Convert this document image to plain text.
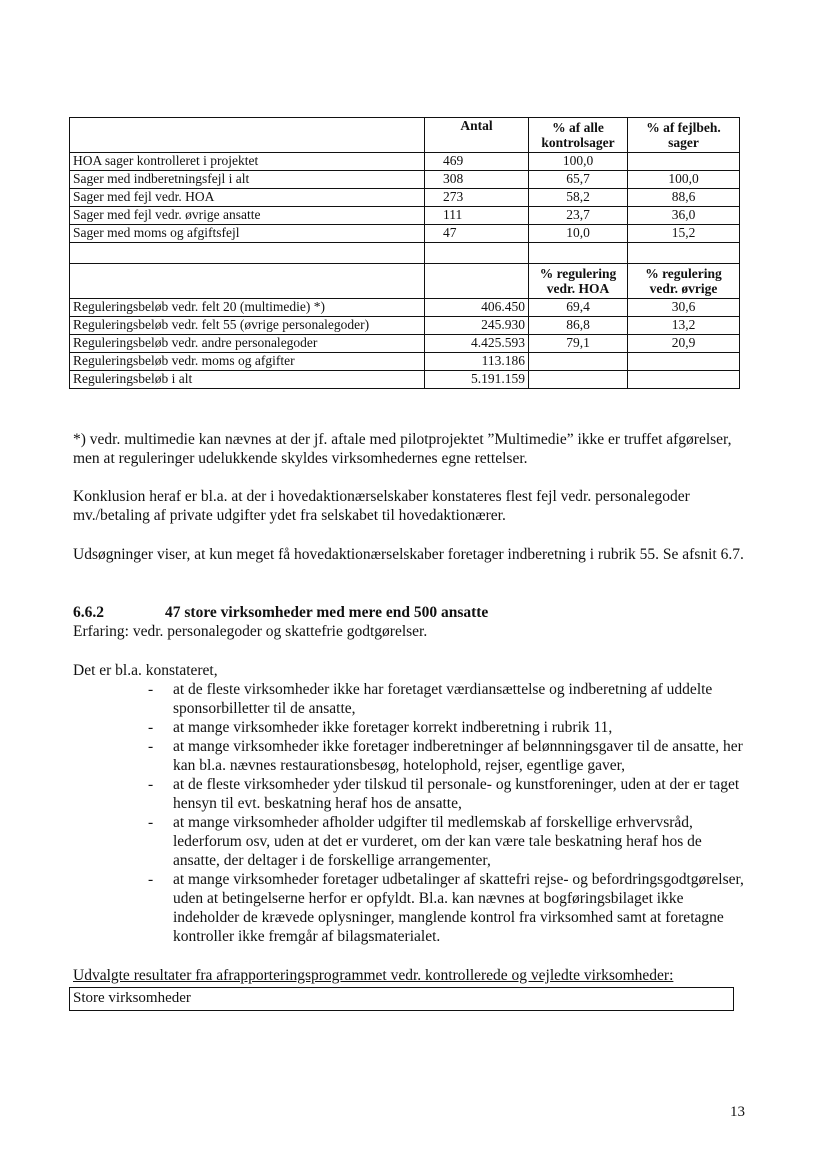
	Antal	% af alle kontrolsager	% af fejlbeh. sager
HOA sager kontrolleret i projektet	469	100,0	
Sager med indberetningsfejl i alt	308	65,7	100,0
Sager med fejl vedr. HOA	273	58,2	88,6
Sager med fejl vedr. øvrige ansatte	111	23,7	36,0
Sager med moms og afgiftsfejl	47	10,0	15,2

		% regulering vedr. HOA	% regulering vedr. øvrige
Reguleringsbeløb vedr. felt 20 (multimedie) *)	406.450	69,4	30,6
Reguleringsbeløb vedr. felt 55 (øvrige personalegoder)	245.930	86,8	13,2
Reguleringsbeløb vedr. andre personalegoder	4.425.593	79,1	20,9
Reguleringsbeløb vedr. moms og afgifter	113.186		
Reguleringsbeløb i alt	5.191.159		

*) vedr. multimedie kan nævnes at der jf. aftale med pilotprojektet ”Multimedie” ikke er truffet afgørelser, men at reguleringer udelukkende skyldes virksomhedernes egne rettelser.

Konklusion heraf er bl.a. at der i hovedaktionærselskaber konstateres flest fejl vedr. personalegoder mv./betaling af private udgifter ydet fra selskabet til hovedaktionærer.

Udsøgninger viser, at kun meget få hovedaktionærselskaber foretager indberetning i rubrik 55. Se afsnit 6.7.

6.6.2	47 store virksomheder med mere end 500 ansatte

Erfaring: vedr. personalegoder og skattefrie godtgørelser.

Det er bl.a. konstateret,

- at de fleste virksomheder ikke har foretaget værdiansættelse og indberetning af uddelte sponsorbilletter til de ansatte,
- at mange virksomheder ikke foretager korrekt indberetning i rubrik 11,
- at mange virksomheder ikke foretager indberetninger af belønnningsgaver til de ansatte, her kan bl.a. nævnes restaurationsbesøg, hotelophold, rejser, egentlige gaver,
- at de fleste virksomheder yder tilskud til personale- og kunstforeninger, uden at der er taget hensyn til evt. beskatning heraf hos de ansatte,
- at mange virksomheder afholder udgifter til medlemskab af forskellige erhvervsråd, lederforum osv, uden at det er vurderet, om der kan være tale beskatning heraf hos de ansatte, der deltager i de forskellige arrangementer,
- at mange virksomheder foretager udbetalinger af skattefri rejse- og befordringsgodtgørelser, uden at betingelserne herfor er opfyldt. Bl.a. kan nævnes at bogføringsbilaget ikke indeholder de krævede oplysninger, manglende kontrol fra virksomhed samt at foretagne kontroller ikke fremgår af bilagsmaterialet.

Udvalgte resultater fra afrapporteringsprogrammet vedr. kontrollerede og vejledte virksomheder:

Store virksomheder
13
